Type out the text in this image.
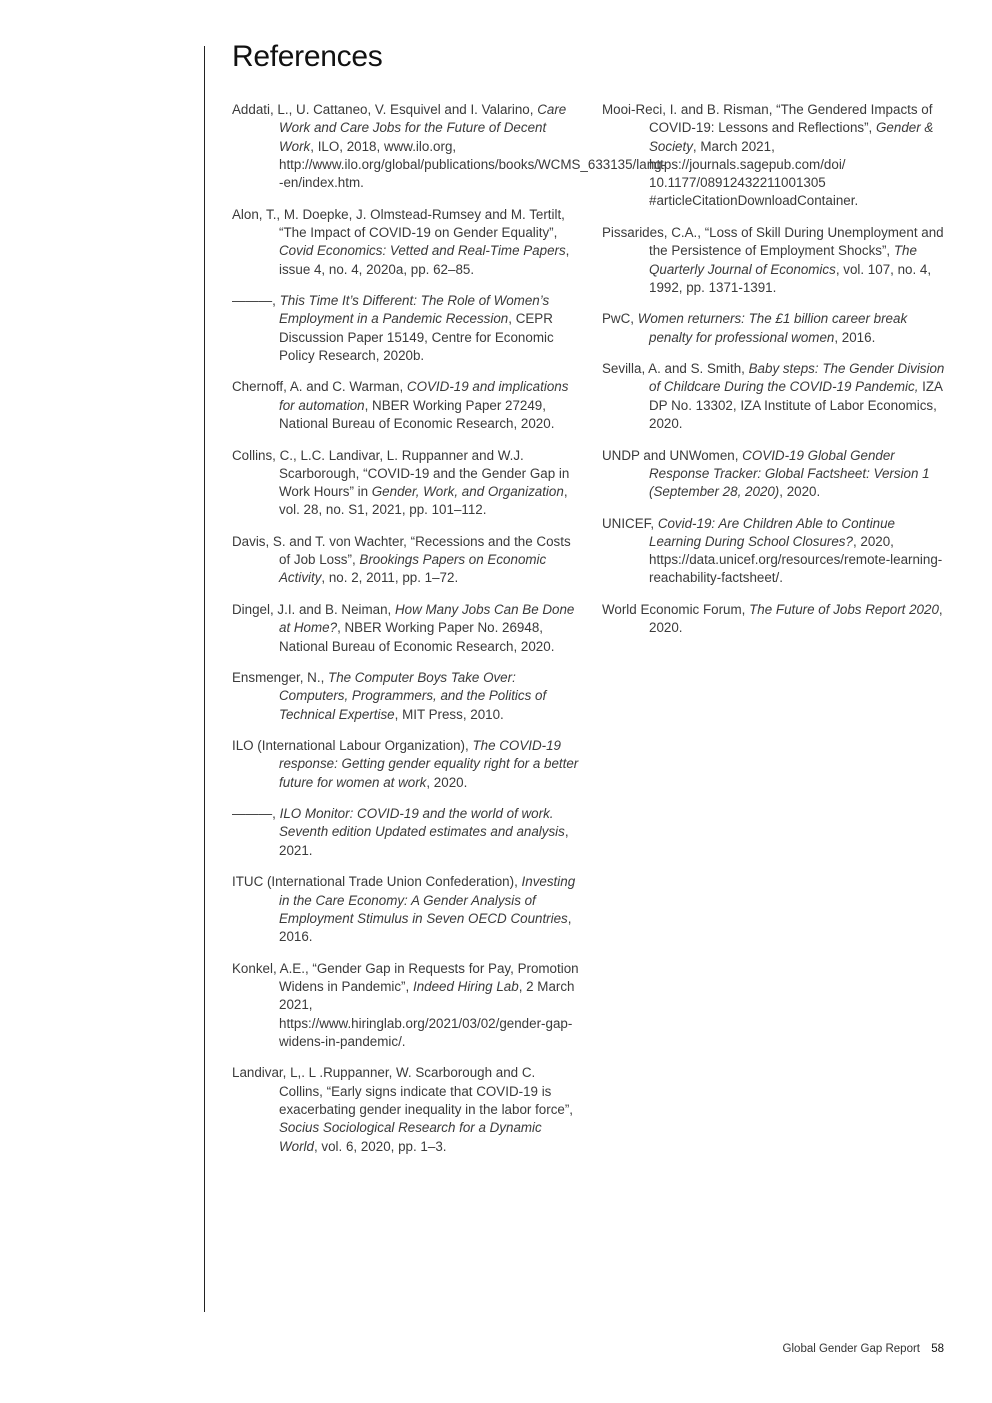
References

Addati, L., U. Cattaneo, V. Esquivel and I. Valarino, Care Work and Care Jobs for the Future of Decent Work, ILO, 2018, www.ilo.org, http://www.ilo.org/global/publications/books/WCMS_633135/lang--en/index.htm.

Alon, T., M. Doepke, J. Olmstead-Rumsey and M. Tertilt, “The Impact of COVID-19 on Gender Equality”, Covid Economics: Vetted and Real-Time Papers, issue 4, no. 4, 2020a, pp. 62–85.

———, This Time It’s Different: The Role of Women’s Employment in a Pandemic Recession, CEPR Discussion Paper 15149, Centre for Economic Policy Research, 2020b.

Chernoff, A. and C. Warman, COVID-19 and implications for automation, NBER Working Paper 27249, National Bureau of Economic Research, 2020.

Collins, C., L.C. Landivar, L. Ruppanner and W.J. Scarborough, “COVID-19 and the Gender Gap in Work Hours” in Gender, Work, and Organization, vol. 28, no. S1, 2021, pp. 101–112.

Davis, S. and T. von Wachter, “Recessions and the Costs of Job Loss”, Brookings Papers on Economic Activity, no. 2, 2011, pp. 1–72.

Dingel, J.I. and B. Neiman, How Many Jobs Can Be Done at Home?, NBER Working Paper No. 26948, National Bureau of Economic Research, 2020.

Ensmenger, N., The Computer Boys Take Over: Computers, Programmers, and the Politics of Technical Expertise, MIT Press, 2010.

ILO (International Labour Organization), The COVID-19 response: Getting gender equality right for a better future for women at work, 2020.

———, ILO Monitor: COVID-19 and the world of work. Seventh edition Updated estimates and analysis, 2021.

ITUC (International Trade Union Confederation), Investing in the Care Economy: A Gender Analysis of Employment Stimulus in Seven OECD Countries, 2016.

Konkel, A.E., “Gender Gap in Requests for Pay, Promotion Widens in Pandemic”, Indeed Hiring Lab, 2 March 2021, https://www.hiringlab.org/2021/03/02/gender-gap-widens-in-pandemic/.

Landivar, L,. L .Ruppanner, W. Scarborough and C. Collins, “Early signs indicate that COVID-19 is exacerbating gender inequality in the labor force”, Socius Sociological Research for a Dynamic World, vol. 6, 2020, pp. 1–3.

Mooi-Reci, I. and B. Risman, “The Gendered Impacts of COVID-19: Lessons and Reflections”, Gender & Society, March 2021, https://journals.sagepub.com/doi/ 10.1177/08912432211001305 #articleCitationDownloadContainer.

Pissarides, C.A., “Loss of Skill During Unemployment and the Persistence of Employment Shocks”, The Quarterly Journal of Economics, vol. 107, no. 4, 1992, pp. 1371-1391.

PwC, Women returners: The £1 billion career break penalty for professional women, 2016.

Sevilla, A. and S. Smith, Baby steps: The Gender Division of Childcare During the COVID-19 Pandemic, IZA DP No. 13302, IZA Institute of Labor Economics, 2020.

UNDP and UNWomen, COVID-19 Global Gender Response Tracker: Global Factsheet: Version 1 (September 28, 2020), 2020.

UNICEF, Covid-19: Are Children Able to Continue Learning During School Closures?, 2020, https://data.unicef.org/resources/remote-learning-reachability-factsheet/.

World Economic Forum, The Future of Jobs Report 2020, 2020.

Global Gender Gap Report 58
